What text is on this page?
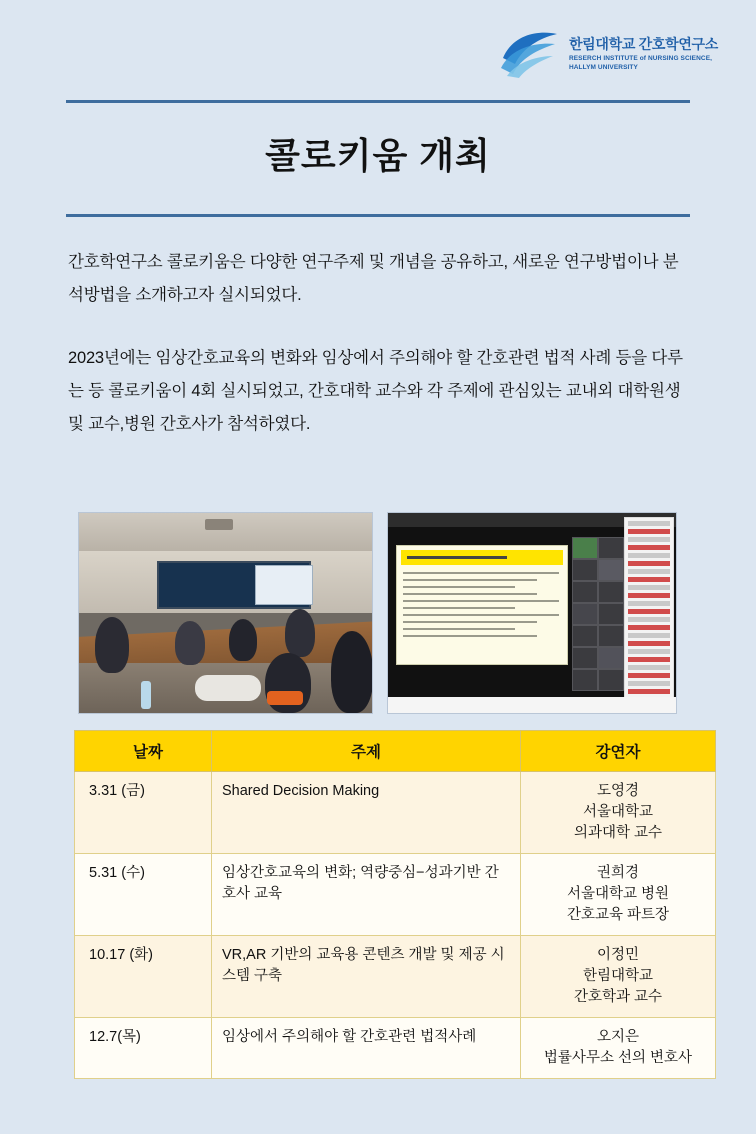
한림대학교 간호학연구소
RESERCH INSTITUTE of NURSING SCIENCE,
HALLYM UNIVERSITY
콜로키움 개최

간호학연구소 콜로키움은 다양한 연구주제 및 개념을 공유하고, 새로운 연구방법이나 분석방법을 소개하고자 실시되었다.

2023년에는 임상간호교육의 변화와 임상에서 주의해야 할 간호관련 법적 사례 등을 다루는 등 콜로키움이 4회 실시되었고, 간호대학 교수와 각 주제에 관심있는 교내외 대학원생 및 교수,병원 간호사가 참석하였다.

날짜	주제	강연자
3.31 (금)	Shared Decision Making	도영경
서울대학교
의과대학 교수

5.31 (수)	임상간호교육의 변화; 역량중심−성과기반 간호사 교육	권희경
서울대학교 병원
간호교육 파트장

10.17 (화)	VR,AR 기반의 교육용 콘텐츠 개발 및 제공 시스템 구축	이정민
한림대학교
간호학과 교수

12.7(목)	임상에서 주의해야 할 간호관련 법적사례	오지은
법률사무소 선의 변호사
